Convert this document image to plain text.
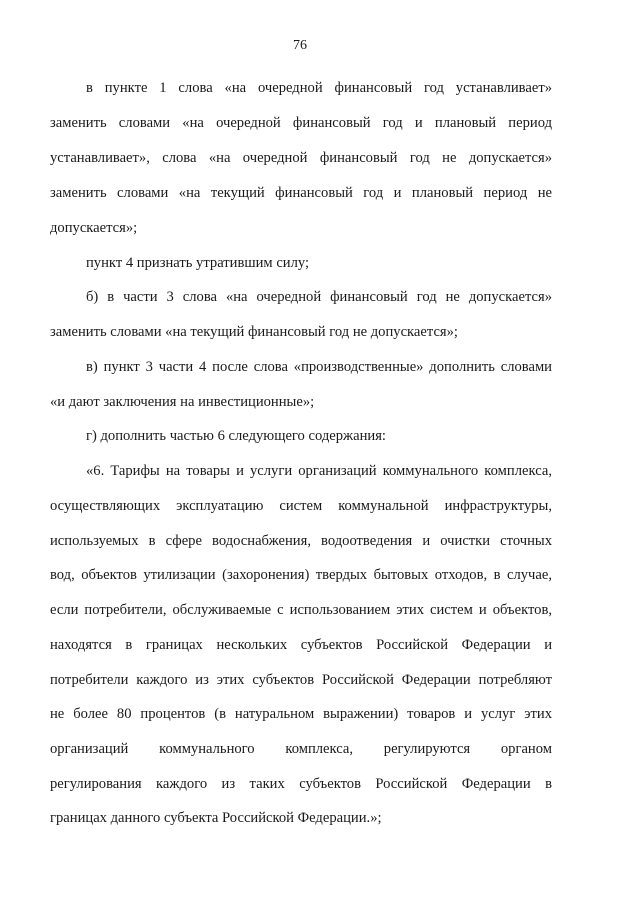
76
в пункте 1 слова «на очередной финансовый год устанавливает»
заменить словами «на очередной финансовый год и плановый период
устанавливает», слова «на очередной финансовый год не допускается»
заменить словами «на текущий финансовый год и плановый период не
допускается»;
пункт 4 признать утратившим силу;
б) в части 3 слова «на очередной финансовый год не допускается»
заменить словами «на текущий финансовый год не допускается»;
в) пункт 3 части 4 после слова «производственные» дополнить словами
«и дают заключения на инвестиционные»;
г) дополнить частью 6 следующего содержания:
«6. Тарифы на товары и услуги организаций коммунального комплекса,
осуществляющих эксплуатацию систем коммунальной инфраструктуры,
используемых в сфере водоснабжения, водоотведения и очистки сточных
вод, объектов утилизации (захоронения) твердых бытовых отходов, в случае,
если потребители, обслуживаемые с использованием этих систем и объектов,
находятся в границах нескольких субъектов Российской Федерации и
потребители каждого из этих субъектов Российской Федерации потребляют
не более 80 процентов (в натуральном выражении) товаров и услуг этих
организаций коммунального комплекса, регулируются органом
регулирования каждого из таких субъектов Российской Федерации в
границах данного субъекта Российской Федерации.»;
